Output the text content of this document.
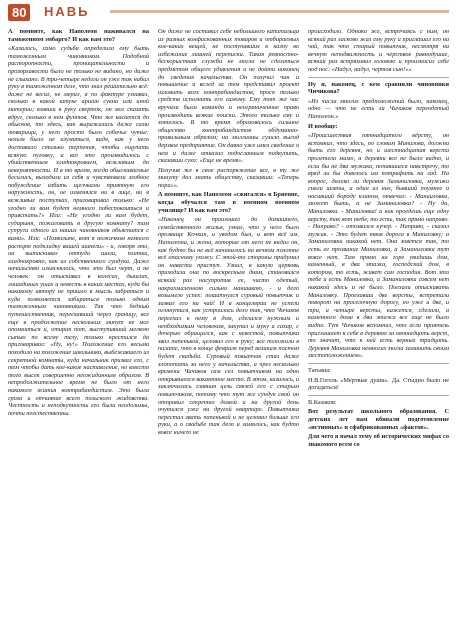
80	НАВЬ

А помните, как Наполеон наживался на таможенном эмбарго? И как вам это?

«Казалось, само судьба определила ему быть таможенным чиновником. Подобной расторопности, проницательности и прозорливости было не только не видано, но даже не слыхано. В три-четыре недели он уже так набил руку в таможенном деле, что знал решительно всё: даже не весил, не мерил, а по фактуре узнавал, сколько в какой штуке аршин сукна или иной материи; взявши в руку сверток, он мог сказать вдруг, сколько в нем фунтов. Что же касается до обысков, то здесь, как выражались даже сами товарищи, у него просто было собачье чутье: нельзя было не изумиться, видя, как у него доставало столько терпения, чтобы ощупать всякую пуговку, и все это производилось с убийственным хладнокровием, вежливым до невероятности. И в то время, когда обыскиваемые бесились, выходили из себя и чувствовали злобное побуждение избить щелчками приятную его наружность, он, не изменялся ни в лице, ни в вежливых поступках, приговаривал только: «Не угодно ли вам будет немного побеспокоиться и привстать?» Или: «Не угодно ли вам будет, сударыня, пожаловать в другую комнату? там супруга одного из наших чиновников объяснится с вами». Или: «Позвольте, вот я ножичком немного распорю подкладку вашей шинели» - и, говоря это, он вытаскивал оттуда шали, платки, хладнокровно, как из собственного сундука. Даже начальство изъяснялось, что это был черт, а не человек: он отыскивал в колесах, дышлах, лошадиных ушах и невесть в каких местах, куда бы никакому автору не пришло в мысль забраться и куда позволяется забираться только одним таможенным чиновникам. Так что бедный путешественник, переехавший через границу, все еще в продолжение нескольких минут не мог опомниться и, отирая пот, выступивший мелкою сыпью по всему телу, только крестился да приговаривал: «Ну, ну!» Положение его весьма походило на положение школьника, выбежавшего из секретной комнаты, куда начальник призвал его, с тем чтобы дать кое-какое наставление, но вместо того высек совершенно неожиданным образом. В непродолжительное время не было от него никакого житья контрабандистам. Это была гроза и отчаяние всего польского жидовства. Честность и неподкупность его были неодолимы, почти неестественны.

Он даже не составил себе небольшого капитальца из разных конфискованных товаров и отбираемых кое-каких вещей, не поступивших в казну во избежание лишней переписки. Такая ревностно-бескорыстная служба не могла не сделаться предметом общего удивления и не дойти наконец до сведения начальства. Он получил чин и повышение и вслед за тем представил проект изловить всех контрабандистов, прося только средств исполнить его самому. Ему тот же час вручили была команда и неограниченное право производить всякие поиски. Этого только ему и хотелось. В то время образовалось сильное общество контрабандистов обдуманно-правильным образом; на миллионы сулило выгод дерзкое предприятие. Он давно уже имел сведение о нем и даже отказал подосланным подкупить, сказавши сухо: «Еще не время».

Получив же в свое распоряжение все, в ту же минуту дал знать обществу, сказавши: «Теперь пора»».

А помните, как Наполеон «сжигался» в Бриенне, когда обучался там в военном военном училище? И как вам это?

«Наконец он произошел до домашнего, семейственного жилья, узнал, что у него было прозвище Кочкин, и уведом был, и вот всё им, Наполеона, и жена, которые от него не видал он, как будто бы не всё начиналось на вечном полотне всё опасному ухожу. С этой-то стороны придумал он навести приступ. Узнал, в какую церковь приходили она по воскресным дням, становился всякий раз насупротив ее, чисто одетый, накрахмаленною сильно манишкою, - и дело возымело успех: пошатнулся суровый повытчик и зазвал его на чай! И в канцелярии не успели оглянуться, как устроилось дело так, что Чичиков переехал к нему в дом, сделался нужным и необходимым человеком, закупал и муку и сахар, с дочерью обращался, как с невестой, повытчика звал папенькой, целовал его в руку; все положили в палате, что в конце февраля перед великим постом будет свадьба. Суровый повытчик стал даже хлопотать за него у начальства, и чрез несколько времени Чичиков сам сел повытчиком на одно открывшееся вакантное место. В этом, казалось, и заключалась главная цель связей его с старым повытчиком, потому что тут же сундук свой он отправил секретно домой и на другой день очутился уже на другой квартире. Повытчика перестал звать папенькой и не целовал больше его руки, а о свадьбе так дело и замялось, как будто вовсе ничего не

происходило. Однако же, встречаясь с ним, он всякий раз ласково жал ему руку и приглашал его на чай, так что старый повытчик, несмотря на вечную неподвижность и черствое равнодушие, всякий раз встряхивал головою и произносил себе под нос: «Надул, надул, чертов сын!»»

Ну и, наконец, с кем сравнили чиновники Чичикова?

«Из числа многих предположений было, наконец, одно — что не есть ли Чичиков переодетый Наполеон.»

И вообще:

«Происшествия пятнадцатого вёрсту, он вспомнил, что здесь, по словам Манилова, должна быть его деревня, но и шестнадцатая верста пролетела мимо, а деревни все не было видно, и если бы не два мужика, попавшиеся навстречу, то вряд ли бы довелось им потрафить на лад. На вопрос, далеко ли деревня Заманиловка, мужики сняли шляпы, и один из них, бывший поумнее и носивший бороду клином, отвечал: - Манииловка, может быть, а не Заманиловка? - Ну да, Маниловка. - Маниловка! а как проедешь еще одну версту, так вот тебе, то есть, так прямо направо. - Направо? - отозвался кучер. - Направо, - сказал мужик. - Это будет твоя дорога в Маниловку; а Заманиловки никакой нет. Она зовется так, то есть ее прозвание Маниловка, а Заманиловки тут вовсе нет. Там прямо на горе увидишь дом, каменный, в два этажа, господский дом, в котором, то есть, живет сам господин. Вот это тебе и есть Маниловка, а Заманиловки совсем нет никакой здесь и не было. Поехали отыскивать Маниловку. Проехавши две версты, встретили поворот на проселочную дорогу, но уже и две, и три, и четыре версты, кажется, сделали, а каменного дома в два этажа все еще не было видно. Тут Чичиков вспомнил, что если приятель приглашает к себе в деревню за пятнадцать верст, то значит, что к ней есть верных тридцать. Деревня Маниловка немногих могла заманить своим местоположением».

Татьяна:

Н.В.Гоголь «Мертвые души». Да. Стыдно было не догадаться!

В.Казаков:

Вот результат школьного образования. С детских лет нам вбивали подготовление «истинных» и сфабрикованных «фактов».

Для чего я начал тему об исторических мифах со знакомого всем со
